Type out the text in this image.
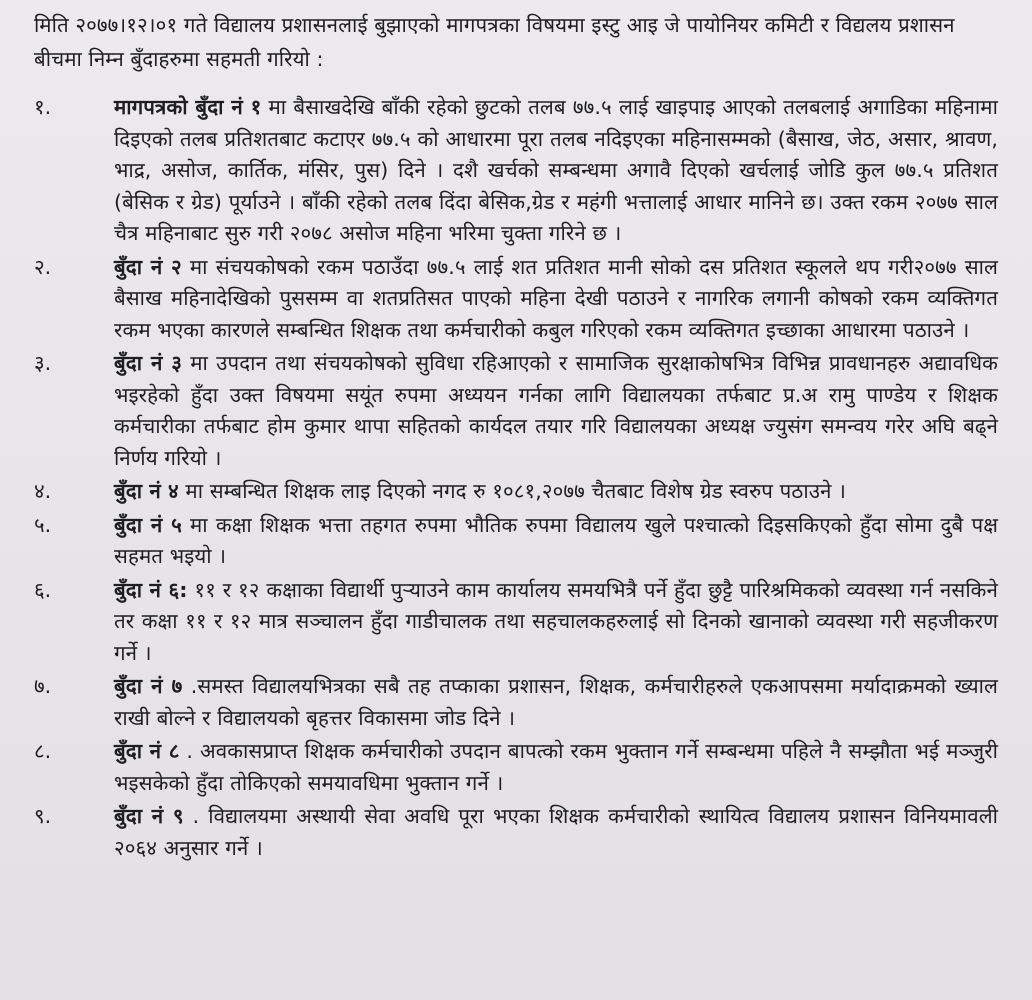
मिति २०७७।१२।०१ गते विद्यालय प्रशासनलाई बुझाएको मागपत्रका विषयमा इस्टु आइ जे पायोनियर कमिटी र विद्यलय प्रशासन बीचमा निम्न बुँदाहरुमा सहमती गरियो :

१.	मागपत्रको बुँदा नं १ मा बैसाखदेखि बाँकी रहेको छुटको तलब ७७.५ लाई खाइपाइ आएको तलबलाई अगाडिका महिनामा दिइएको तलब प्रतिशतबाट कटाएर ७७.५ को आधारमा पूरा तलब नदिइएका महिनासम्मको (बैसाख, जेठ, असार, श्रावण, भाद्र, असोज, कार्तिक, मंसिर, पुस) दिने । दशै खर्चको सम्बन्धमा अगावै दिएको खर्चलाई जोडि कुल ७७.५ प्रतिशत (बेसिक र ग्रेड) पूर्याउने । बाँकी रहेको तलब दिंदा बेसिक,ग्रेड र महंगी भत्तालाई आधार मानिने छ। उक्त रकम २०७७ साल चैत्र महिनाबाट सुरु गरी २०७८ असोज महिना भरिमा चुक्ता गरिने छ ।
२.	बुँदा नं २ मा संचयकोषको रकम पठाउँदा ७७.५ लाई शत प्रतिशत मानी सोको दस प्रतिशत स्कूलले थप गरी२०७७ साल बैसाख महिनादेखिको पुससम्म वा शतप्रतिसत पाएको महिना देखी पठाउने र नागरिक लगानी कोषको रकम व्यक्तिगत रकम भएका कारणले सम्बन्धित शिक्षक तथा कर्मचारीको कबुल गरिएको रकम व्यक्तिगत इच्छाका आधारमा पठाउने ।
३.	बुँदा नं ३ मा उपदान तथा संचयकोषको सुविधा रहिआएको र सामाजिक सुरक्षाकोषभित्र विभिन्न प्रावधानहरु अद्यावधिक भइरहेको हुँदा उक्त विषयमा सयूंत रुपमा अध्ययन गर्नका लागि विद्यालयका तर्फबाट प्र.अ रामु पाण्डेय र शिक्षक कर्मचारीका तर्फबाट होम कुमार थापा सहितको कार्यदल तयार गरि विद्यालयका अध्यक्ष ज्युसंग समन्वय गरेर अघि बढ्ने निर्णय गरियो ।
४.	बुँदा नं ४ मा सम्बन्धित शिक्षक लाइ दिएको नगद रु १०८१,२०७७ चैतबाट विशेष ग्रेड स्वरुप पठाउने ।
५.	बुँदा नं ५ मा कक्षा शिक्षक भत्ता तहगत रुपमा भौतिक रुपमा विद्यालय खुले पश्चात्को दिइसकिएको हुँदा सोमा दुबै पक्ष सहमत भइयो ।
६.	बुँदा नं ६: ११ र १२ कक्षाका विद्यार्थी पुर्‍याउने काम कार्यालय समयभित्रै पर्ने हुँदा छुट्टै पारिश्रमिकको व्यवस्था गर्न नसकिने तर कक्षा ११ र १२ मात्र सञ्चालन हुँदा गाडीचालक तथा सहचालकहरुलाई सो दिनको खानाको व्यवस्था गरी सहजीकरण गर्ने ।
७.	बुँदा नं ७ .समस्त विद्यालयभित्रका सबै तह तप्काका प्रशासन, शिक्षक, कर्मचारीहरुले एकआपसमा मर्यादाक्रमको ख्याल राखी बोल्ने र विद्यालयको बृहत्तर विकासमा जोड दिने ।
८.	बुँदा नं ८ . अवकासप्राप्त शिक्षक कर्मचारीको उपदान बापत्को रकम भुक्तान गर्ने सम्बन्धमा पहिले नै सम्झौता भई मञ्जुरी भइसकेको हुँदा तोकिएको समयावधिमा भुक्तान गर्ने ।
९.	बुँदा नं ९ . विद्यालयमा अस्थायी सेवा अवधि पूरा भएका शिक्षक कर्मचारीको स्थायित्व विद्यालय प्रशासन विनियमावली २०६४ अनुसार गर्ने ।
